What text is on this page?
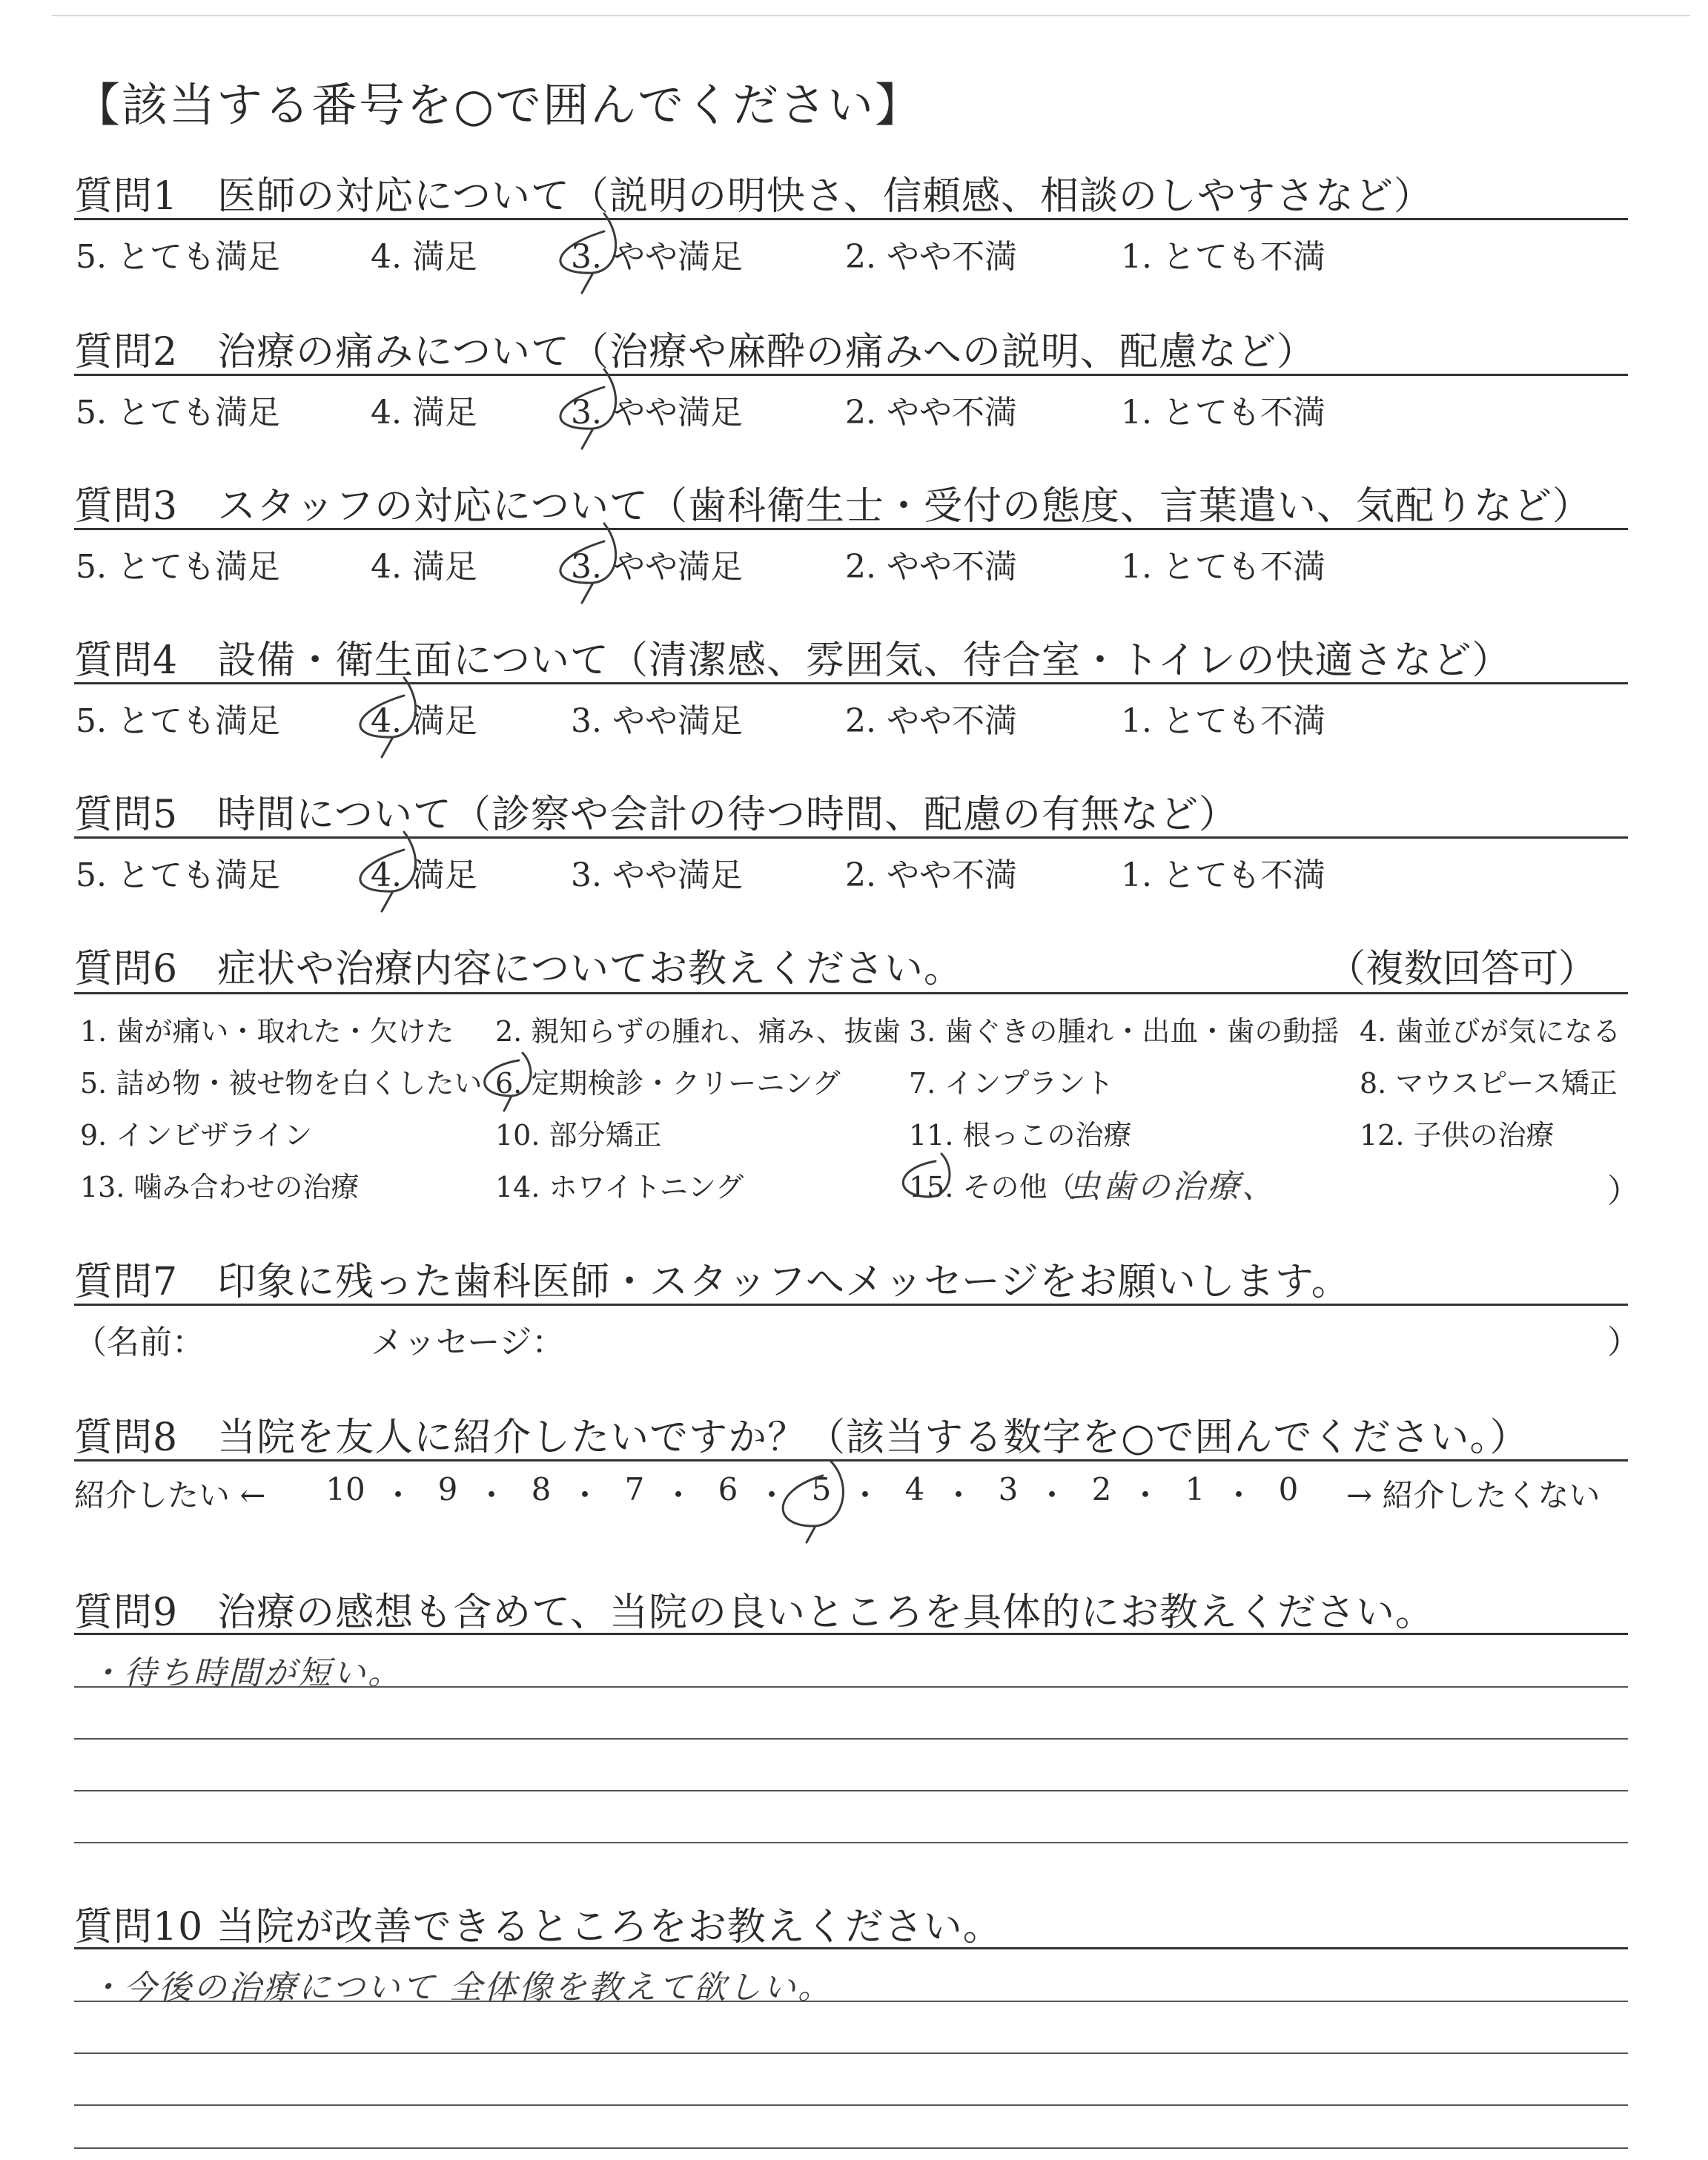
【該当する番号を○で囲んでください】
質問1　医師の対応について（説明の明快さ、信頼感、相談のしやすさなど）
5. とても満足	4. 満足	3. やや満足	2. やや不満	1. とても不満
質問2　治療の痛みについて（治療や麻酔の痛みへの説明、配慮など）
5. とても満足	4. 満足	3. やや満足	2. やや不満	1. とても不満
質問3　スタッフの対応について（歯科衛生士・受付の態度、言葉遣い、気配りなど）
5. とても満足	4. 満足	3. やや満足	2. やや不満	1. とても不満
質問4　設備・衛生面について（清潔感、雰囲気、待合室・トイレの快適さなど）
5. とても満足	4. 満足	3. やや満足	2. やや不満	1. とても不満
質問5　時間について（診察や会計の待つ時間、配慮の有無など）
5. とても満足	4. 満足	3. やや満足	2. やや不満	1. とても不満
質問6　症状や治療内容についてお教えください。	（複数回答可）
1. 歯が痛い・取れた・欠けた 2. 親知らずの腫れ、痛み、抜歯 3. 歯ぐきの腫れ・出血・歯の動揺 4. 歯並びが気になる
5. 詰め物・被せ物を白くしたい 6. 定期検診・クリーニング 7. インプラント	8. マウスピース矯正
9. インビザライン	10. 部分矯正	11. 根っこの治療	12. 子供の治療
13. 噛み合わせの治療	14. ホワイトニング	15. その他（
虫歯の治療、	）
質問7　印象に残った歯科医師・スタッフへメッセージをお願いします。
（名前：	メッセージ：	）
質問8　当院を友人に紹介したいですか？（該当する数字を○で囲んでください。）
紹介したい ←	→ 紹介したくない
10 ・ 9 ・ 8 ・ 7 ・ 6 ・ 5 ・ 4 ・ 3 ・ 2 ・ 1 ・ 0
質問9　治療の感想も含めて、当院の良いところを具体的にお教えください。
・待ち時間が短い。
質問10 当院が改善できるところをお教えください。
・今後の治療について 全体像を教えて欲しい。
